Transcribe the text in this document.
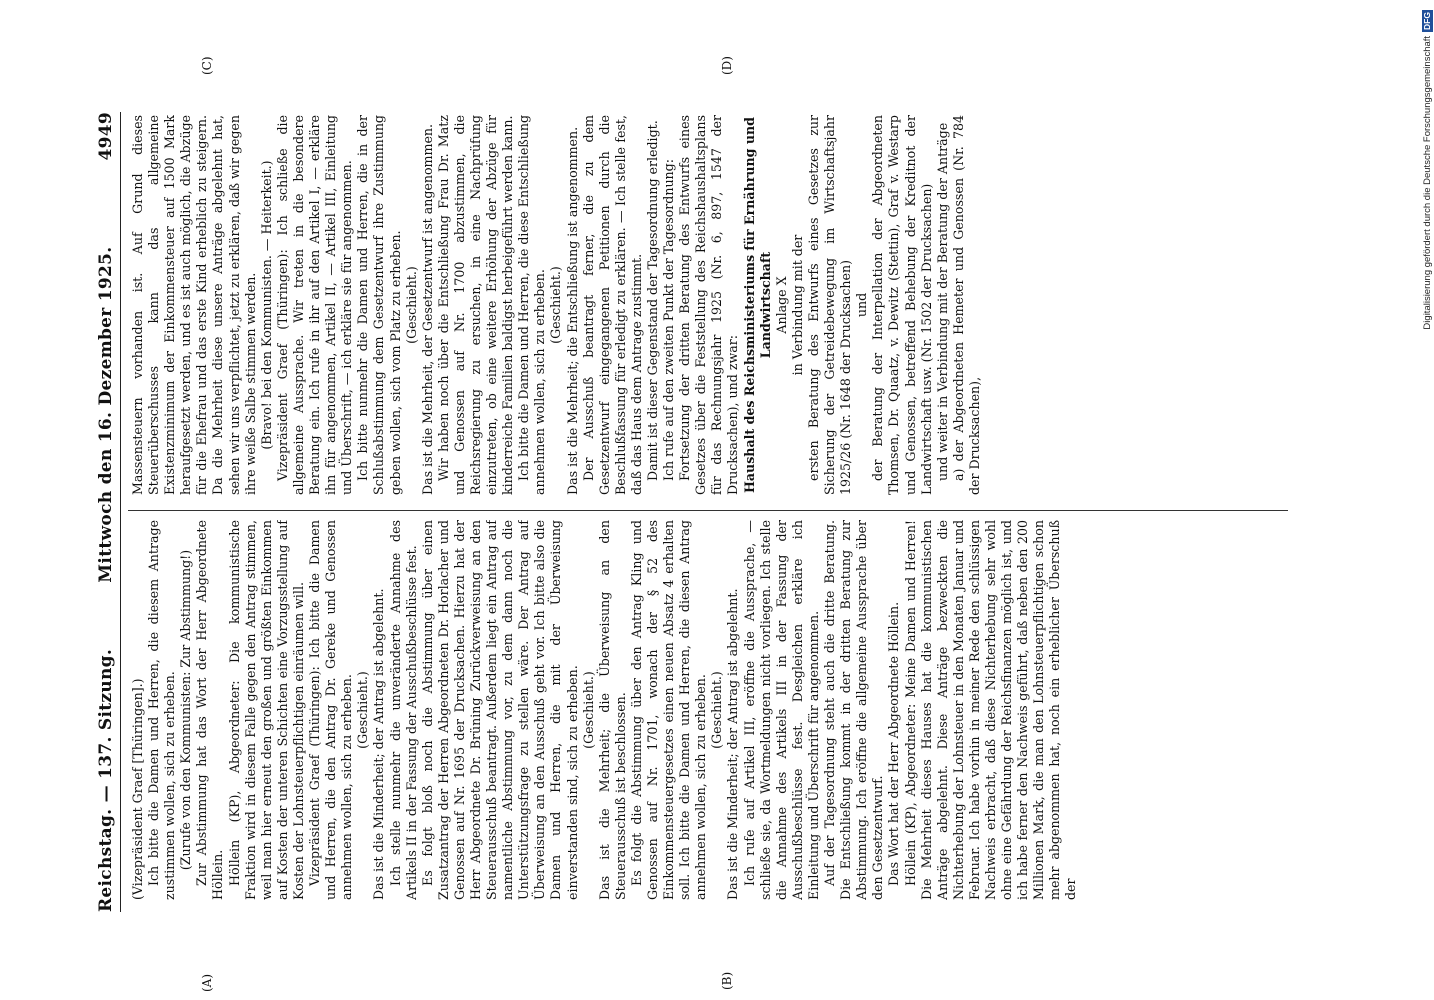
Reichstag. — 137. Sitzung. Mittwoch den 16. Dezember 1925.
4949
(A)	(B)
(C)	(D)

(Vizepräsident Graef [Thüringen].) Ich bitte die Damen und Herren, die diesem Antrage zustimmen wollen, sich zu erheben. (Zurufe von den Kommunisten: Zur Abstimmung!) Zur Abstimmung hat das Wort der Herr Abgeordnete Höllein. Höllein (KP), Abgeordneter: Die kommunistische Fraktion wird in diesem Falle gegen den Antrag stimmen, weil man hier erneut den großen und größten Einkommen auf Kosten der unteren Schichten eine Vorzugsstellung auf Kosten der Lohnsteuerpflichtigen einräumen will. Vizepräsident Graef (Thüringen): Ich bitte die Damen und Herren, die den Antrag Dr. Gereke und Genossen annehmen wollen, sich zu erheben. (Geschieht.) Das ist die Minderheit; der Antrag ist abgelehnt. Ich stelle nunmehr die unveränderte Annahme des Artikels II in der Fassung der Ausschußbeschlüsse fest. Es folgt bloß noch die Abstimmung über einen Zusatzantrag der Herren Abgeordneten Dr. Horlacher und Genossen auf Nr. 1695 der Drucksachen. Hierzu hat der Herr Abgeordnete Dr. Brüning Zurückverweisung an den Steuerausschuß beantragt. Außerdem liegt ein Antrag auf namentliche Abstimmung vor, zu dem dann noch die Unterstützungsfrage zu stellen wäre. Der Antrag auf Überweisung an den Ausschuß geht vor. Ich bitte also die Damen und Herren, die mit der Überweisung einverstanden sind, sich zu erheben. (Geschieht.) Das ist die Mehrheit; die Überweisung an den Steuerausschuß ist beschlossen. Es folgt die Abstimmung über den Antrag Kling und Genossen auf Nr. 1701, wonach der § 52 des Einkommensteuergesetzes einen neuen Absatz 4 erhalten soll. Ich bitte die Damen und Herren, die diesen Antrag annehmen wollen, sich zu erheben. (Geschieht.) Das ist die Minderheit; der Antrag ist abgelehnt. Ich rufe auf Artikel III, eröffne die Aussprache, — schließe sie, da Wortmeldungen nicht vorliegen. Ich stelle die Annahme des Artikels III in der Fassung der Ausschußbeschlüsse fest. Desgleichen erkläre ich Einleitung und Überschrift für angenommen. Auf der Tagesordnung steht auch die dritte Beratung. Die Entschließung kommt in der dritten Beratung zur Abstimmung. Ich eröffne die allgemeine Aussprache über den Gesetzentwurf. Das Wort hat der Herr Abgeordnete Höllein. Höllein (KP), Abgeordneter: Meine Damen und Herren! Die Mehrheit dieses Hauses hat die kommunistischen Anträge abgelehnt. Diese Anträge bezweckten die Nichterhebung der Lohnsteuer in den Monaten Januar und Februar. Ich habe vorhin in meiner Rede den schlüssigen Nachweis erbracht, daß diese Nichterhebung sehr wohl ohne eine Gefährdung der Reichsfinanzen möglich ist, und ich habe ferner den Nachweis geführt, daß neben den 200 Millionen Mark, die man den Lohnsteuerpflichtigen schon mehr abgenommen hat, noch ein erheblicher Überschuß der

Massensteuern vorhanden ist. Auf Grund dieses Steuerüberschusses kann das allgemeine Existenzminimum der Einkommensteuer auf 1500 Mark heraufgesetzt werden, und es ist auch möglich, die Abzüge für die Ehefrau und das erste Kind erheblich zu steigern. Da die Mehrheit diese unsere Anträge abgelehnt hat, sehen wir uns verpflichtet, jetzt zu erklären, daß wir gegen ihre weiße Salbe stimmen werden. (Bravo! bei den Kommunisten. — Heiterkeit.) Vizepräsident Graef (Thüringen): Ich schließe die allgemeine Aussprache. Wir treten in die besondere Beratung ein. Ich rufe in ihr auf den Artikel I, — erkläre ihn für angenommen, Artikel II, — Artikel III, Einleitung und Überschrift, — ich erkläre sie für angenommen. Ich bitte nunmehr die Damen und Herren, die in der Schlußabstimmung dem Gesetzentwurf ihre Zustimmung geben wollen, sich vom Platz zu erheben. (Geschieht.) Das ist die Mehrheit, der Gesetzentwurf ist angenommen. Wir haben noch über die Entschließung Frau Dr. Matz und Genossen auf Nr. 1700 abzustimmen, die Reichsregierung zu ersuchen, in eine Nachprüfung einzutreten, ob eine weitere Erhöhung der Abzüge für kinderreiche Familien baldigst herbeigeführt werden kann. Ich bitte die Damen und Herren, die diese Entschließung annehmen wollen, sich zu erheben. (Geschieht.) Das ist die Mehrheit; die Entschließung ist angenommen. Der Ausschuß beantragt ferner, die zu dem Gesetzentwurf eingegangenen Petitionen durch die Beschlußfassung für erledigt zu erklären. — Ich stelle fest, daß das Haus dem Antrage zustimmt. Damit ist dieser Gegenstand der Tagesordnung erledigt. Ich rufe auf den zweiten Punkt der Tagesordnung: Fortsetzung der dritten Beratung des Entwurfs eines Gesetzes über die Feststellung des Reichshaushaltsplans für das Rechnungsjahr 1925 (Nr. 6, 897, 1547 der Drucksachen), und zwar: Haushalt des Reichsministeriums für Ernährung und Landwirtschaft Anlage X in Verbindung mit der ersten Beratung des Entwurfs eines Gesetzes zur Sicherung der Getreidebewegung im Wirtschaftsjahr 1925/26 (Nr. 1648 der Drucksachen) und der Beratung der Interpellation der Abgeordneten Thomsen, Dr. Quaatz, v. Dewitz (Stettin), Graf v. Westarp und Genossen, betreffend Behebung der Kreditnot der Landwirtschaft usw. (Nr. 1502 der Drucksachen) und weiter in Verbindung mit der Beratung der Anträge a) der Abgeordneten Hemeter und Genossen (Nr. 784 der Drucksachen),

Digitalisierung gefördert durch die Deutsche Forschungsgemeinschaft
DFG
